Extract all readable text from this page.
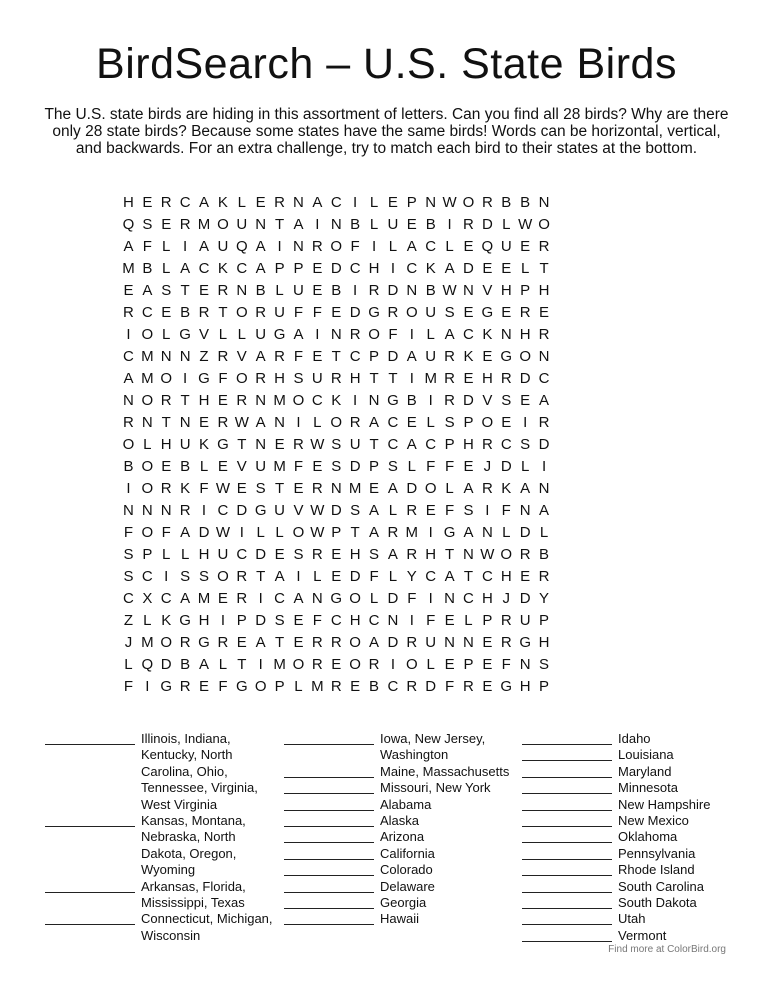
BirdSearch – U.S. State Birds

The U.S. state birds are hiding in this assortment of letters. Can you find all 28 birds? Why are there only 28 state birds? Because some states have the same birds! Words can be horizontal, vertical, and backwards. For an extra challenge, try to match each bird to their states at the bottom.

H E R C A K L E R N A C I L E P N W O R B B N
Q S E R M O U N T A I N B L U E B I R D L W O
A F L I A U Q A I N R O F I L A C L E Q U E R
M B L A C K C A P P E D C H I C K A D E E L T
E A S T E R N B L U E B I R D N B W N V H P H
R C E B R T O R U F F E D G R O U S E G E R E
I O L G V L L U G A I N R O F I L A C K N H R
C M N N Z R V A R F E T C P D A U R K E G O N
A M O I G F O R H S U R H T T I M R E H R D C
N O R T H E R N M O C K I N G B I R D V S E A
R N T N E R W A N I L O R A C E L S P O E I R
O L H U K G T N E R W S U T C A C P H R C S D
B O E B L E V U M F E S D P S L F F E J D L I
I O R K F W E S T E R N M E A D O L A R K A N
N N N R I C D G U V W D S A L R E F S I F N A
F O F A D W I L L O W P T A R M I G A N L D L
S P L L H U C D E S R E H S A R H T N W O R B
S C I S S O R T A I L E D F L Y C A T C H E R
C X C A M E R I C A N G O L D F I N C H J D Y
Z L K G H I P D S E F C H C N I F E L P R U P
J M O R G R E A T E R R O A D R U N N E R G H
L Q D B A L T I M O R E O R I O L E P E F N S
F I G R E F G O P L M R E B C R D F R E G H P
Illinois, Indiana, Kentucky, North Carolina, Ohio, Tennessee, Virginia, West Virginia
Kansas, Montana, Nebraska, North Dakota, Oregon, Wyoming
Arkansas, Florida, Mississippi, Texas
Connecticut, Michigan, Wisconsin
Iowa, New Jersey, Washington
Maine, Massachusetts
Missouri, New York
Alabama
Alaska
Arizona
California
Colorado
Delaware
Georgia
Hawaii
Idaho
Louisiana
Maryland
Minnesota
New Hampshire
New Mexico
Oklahoma
Pennsylvania
Rhode Island
South Carolina
South Dakota
Utah
Vermont
Find more at ColorBird.org
